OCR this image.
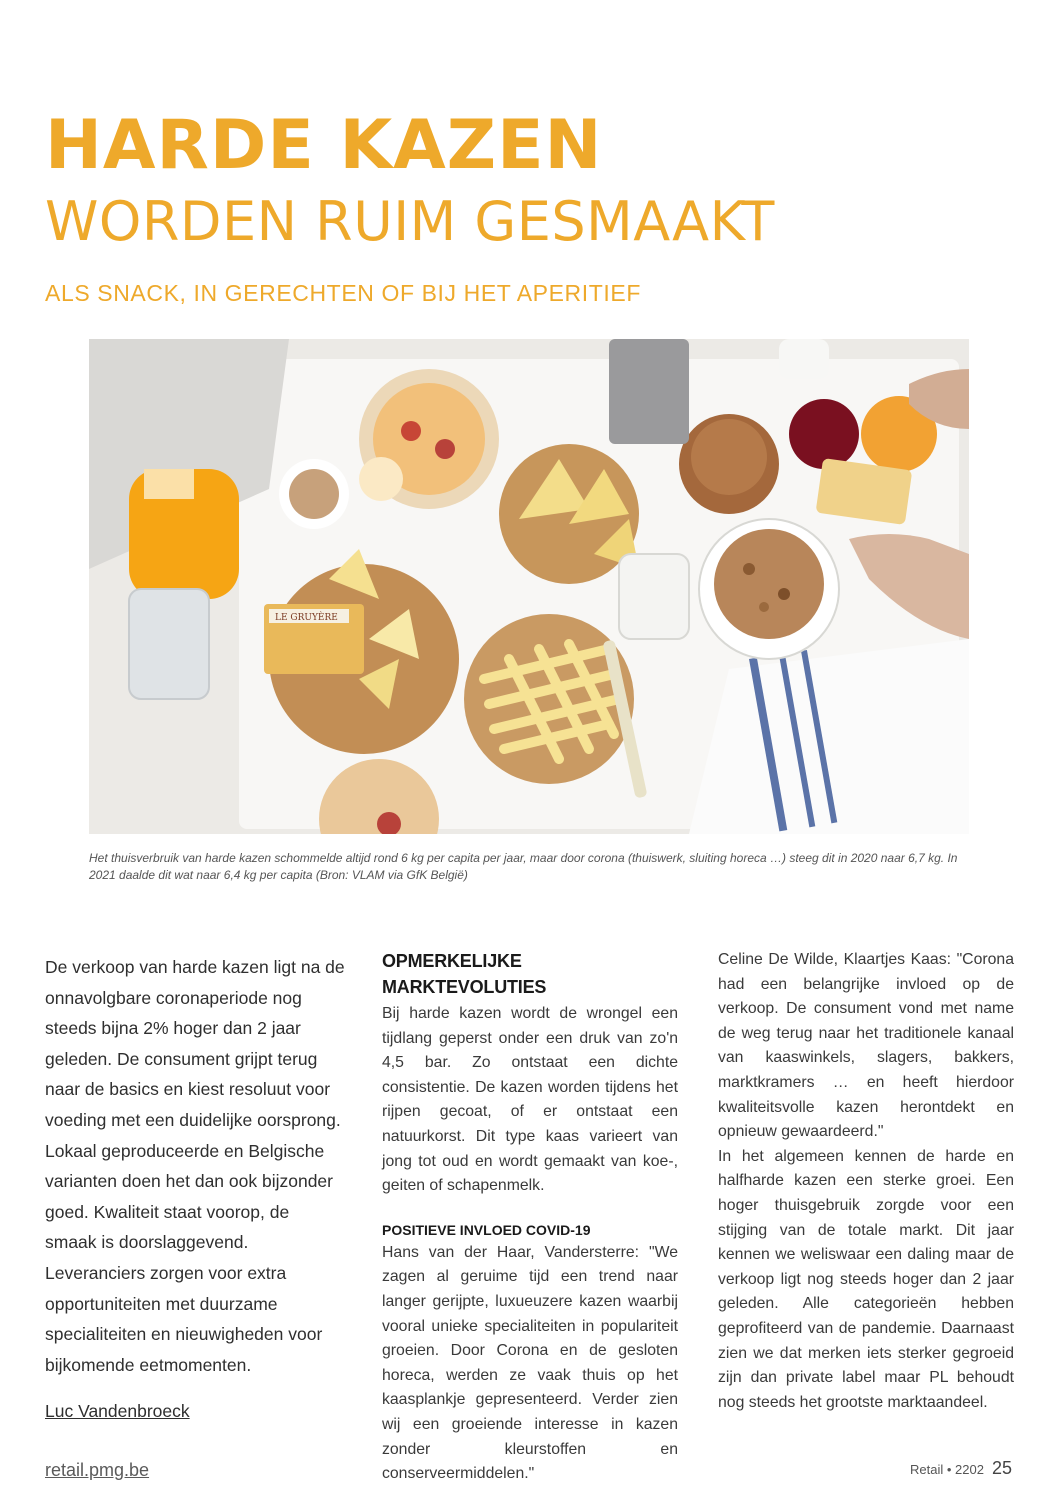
HARDE KAZEN
WORDEN RUIM GESMAAKT

ALS SNACK, IN GERECHTEN OF BIJ HET APERITIEF

LE GRUYÈRE

Het thuisverbruik van harde kazen schommelde altijd rond 6 kg per capita per jaar, maar door corona (thuiswerk, sluiting horeca …) steeg dit in 2020 naar 6,7 kg. In 2021 daalde dit wat naar 6,4 kg per capita (Bron: VLAM via GfK België)

De verkoop van harde kazen ligt na de onnavolgbare coronaperiode nog steeds bijna 2% hoger dan 2 jaar geleden. De consument grijpt terug naar de basics en kiest resoluut voor voeding met een duidelijke oorsprong. Lokaal geproduceerde en Belgische varianten doen het dan ook bijzonder goed. Kwaliteit staat voorop, de smaak is doorslaggevend. Leveranciers zorgen voor extra opportuniteiten met duurzame specialiteiten en nieuwigheden voor bijkomende eetmomenten.

Luc Vandenbroeck

OPMERKELIJKE MARKTEVOLUTIES

Bij harde kazen wordt de wrongel een tijdlang geperst onder een druk van zo'n 4,5 bar. Zo ontstaat een dichte consistentie. De kazen worden tijdens het rijpen gecoat, of er ontstaat een natuurkorst. Dit type kaas varieert van jong tot oud en wordt gemaakt van koe-, geiten of schapenmelk.

POSITIEVE INVLOED COVID-19

Hans van der Haar, Vandersterre: "We zagen al geruime tijd een trend naar langer gerijpte, luxueuzere kazen waarbij vooral unieke specialiteiten in populariteit groeien. Door Corona en de gesloten horeca, werden ze vaak thuis op het kaasplankje gepresenteerd. Verder zien wij een groeiende interesse in kazen zonder kleurstoffen en conserveermiddelen."

Celine De Wilde, Klaartjes Kaas: "Corona had een belangrijke invloed op de verkoop. De consument vond met name de weg terug naar het traditionele kanaal van kaaswinkels, slagers, bakkers, marktkramers … en heeft hierdoor kwaliteitsvolle kazen herontdekt en opnieuw gewaardeerd."

In het algemeen kennen de harde en halfharde kazen een sterke groei. Een hoger thuisgebruik zorgde voor een stijging van de totale markt. Dit jaar kennen we weliswaar een daling maar de verkoop ligt nog steeds hoger dan 2 jaar geleden. Alle categorieën hebben geprofiteerd van de pandemie. Daarnaast zien we dat merken iets sterker gegroeid zijn dan private label maar PL behoudt nog steeds het grootste marktaandeel.

retail.pmg.be	Retail • 2202 25
